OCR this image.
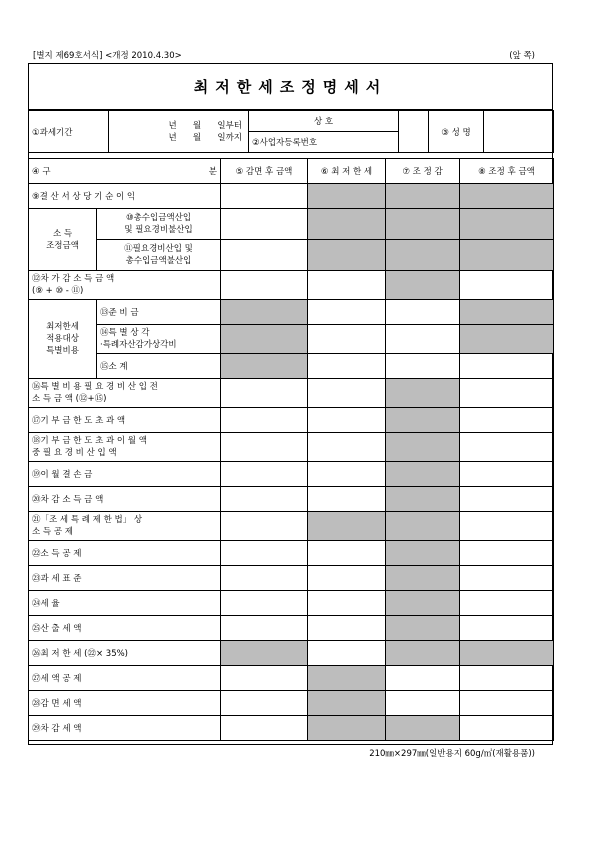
[별지 제69호서식] <개정 2010.4.30>	(앞 쪽)
최저한세조정명세서
①과세기간	
년 월 일부터
년 월 일까지
	상 호		③ 성 명	
②사업자등록번호
④ 구 분		⑤ 감면 후 금액	⑥ 최 저 한 세	⑦ 조 정 감	⑧ 조정 후 금액
⑨결 산 서 상 당 기 순 이 익					
소 득
조정금액	⑩총수입금액산입
및 필요경비불산입				
	⑪필요경비산입 및
총수입금액불산입				
⑫차 가 감 소 득 금 액
(⑨ + ⑩ - ⑪)					
최저한세
적용대상
특별비용	⑬준 비 금				
	⑭특 별 상 각
·특례자산감가상각비				
	⑮소 계				
⑯특 별 비 용 필 요 경 비 산 입 전
소 득 금 액 (⑫+⑮)					
⑰기 부 금 한 도 초 과 액					
⑱기 부 금 한 도 초 과 이 월 액
중 필 요 경 비 산 입 액					
⑲이 월 결 손 금					
⑳차 감 소 득 금 액					
㉑「조 세 특 례 제 한 법」 상
소 득 공 제					
㉒소 득 공 제					
㉓과 세 표 준					
㉔세 율					
㉕산 출 세 액					
㉖최 저 한 세 (㉒× 35%)					
㉗세 액 공 제					
㉘감 면 세 액					
㉙차 감 세 액					
210㎜×297㎜(일반용지 60g/㎡(재활용품))
